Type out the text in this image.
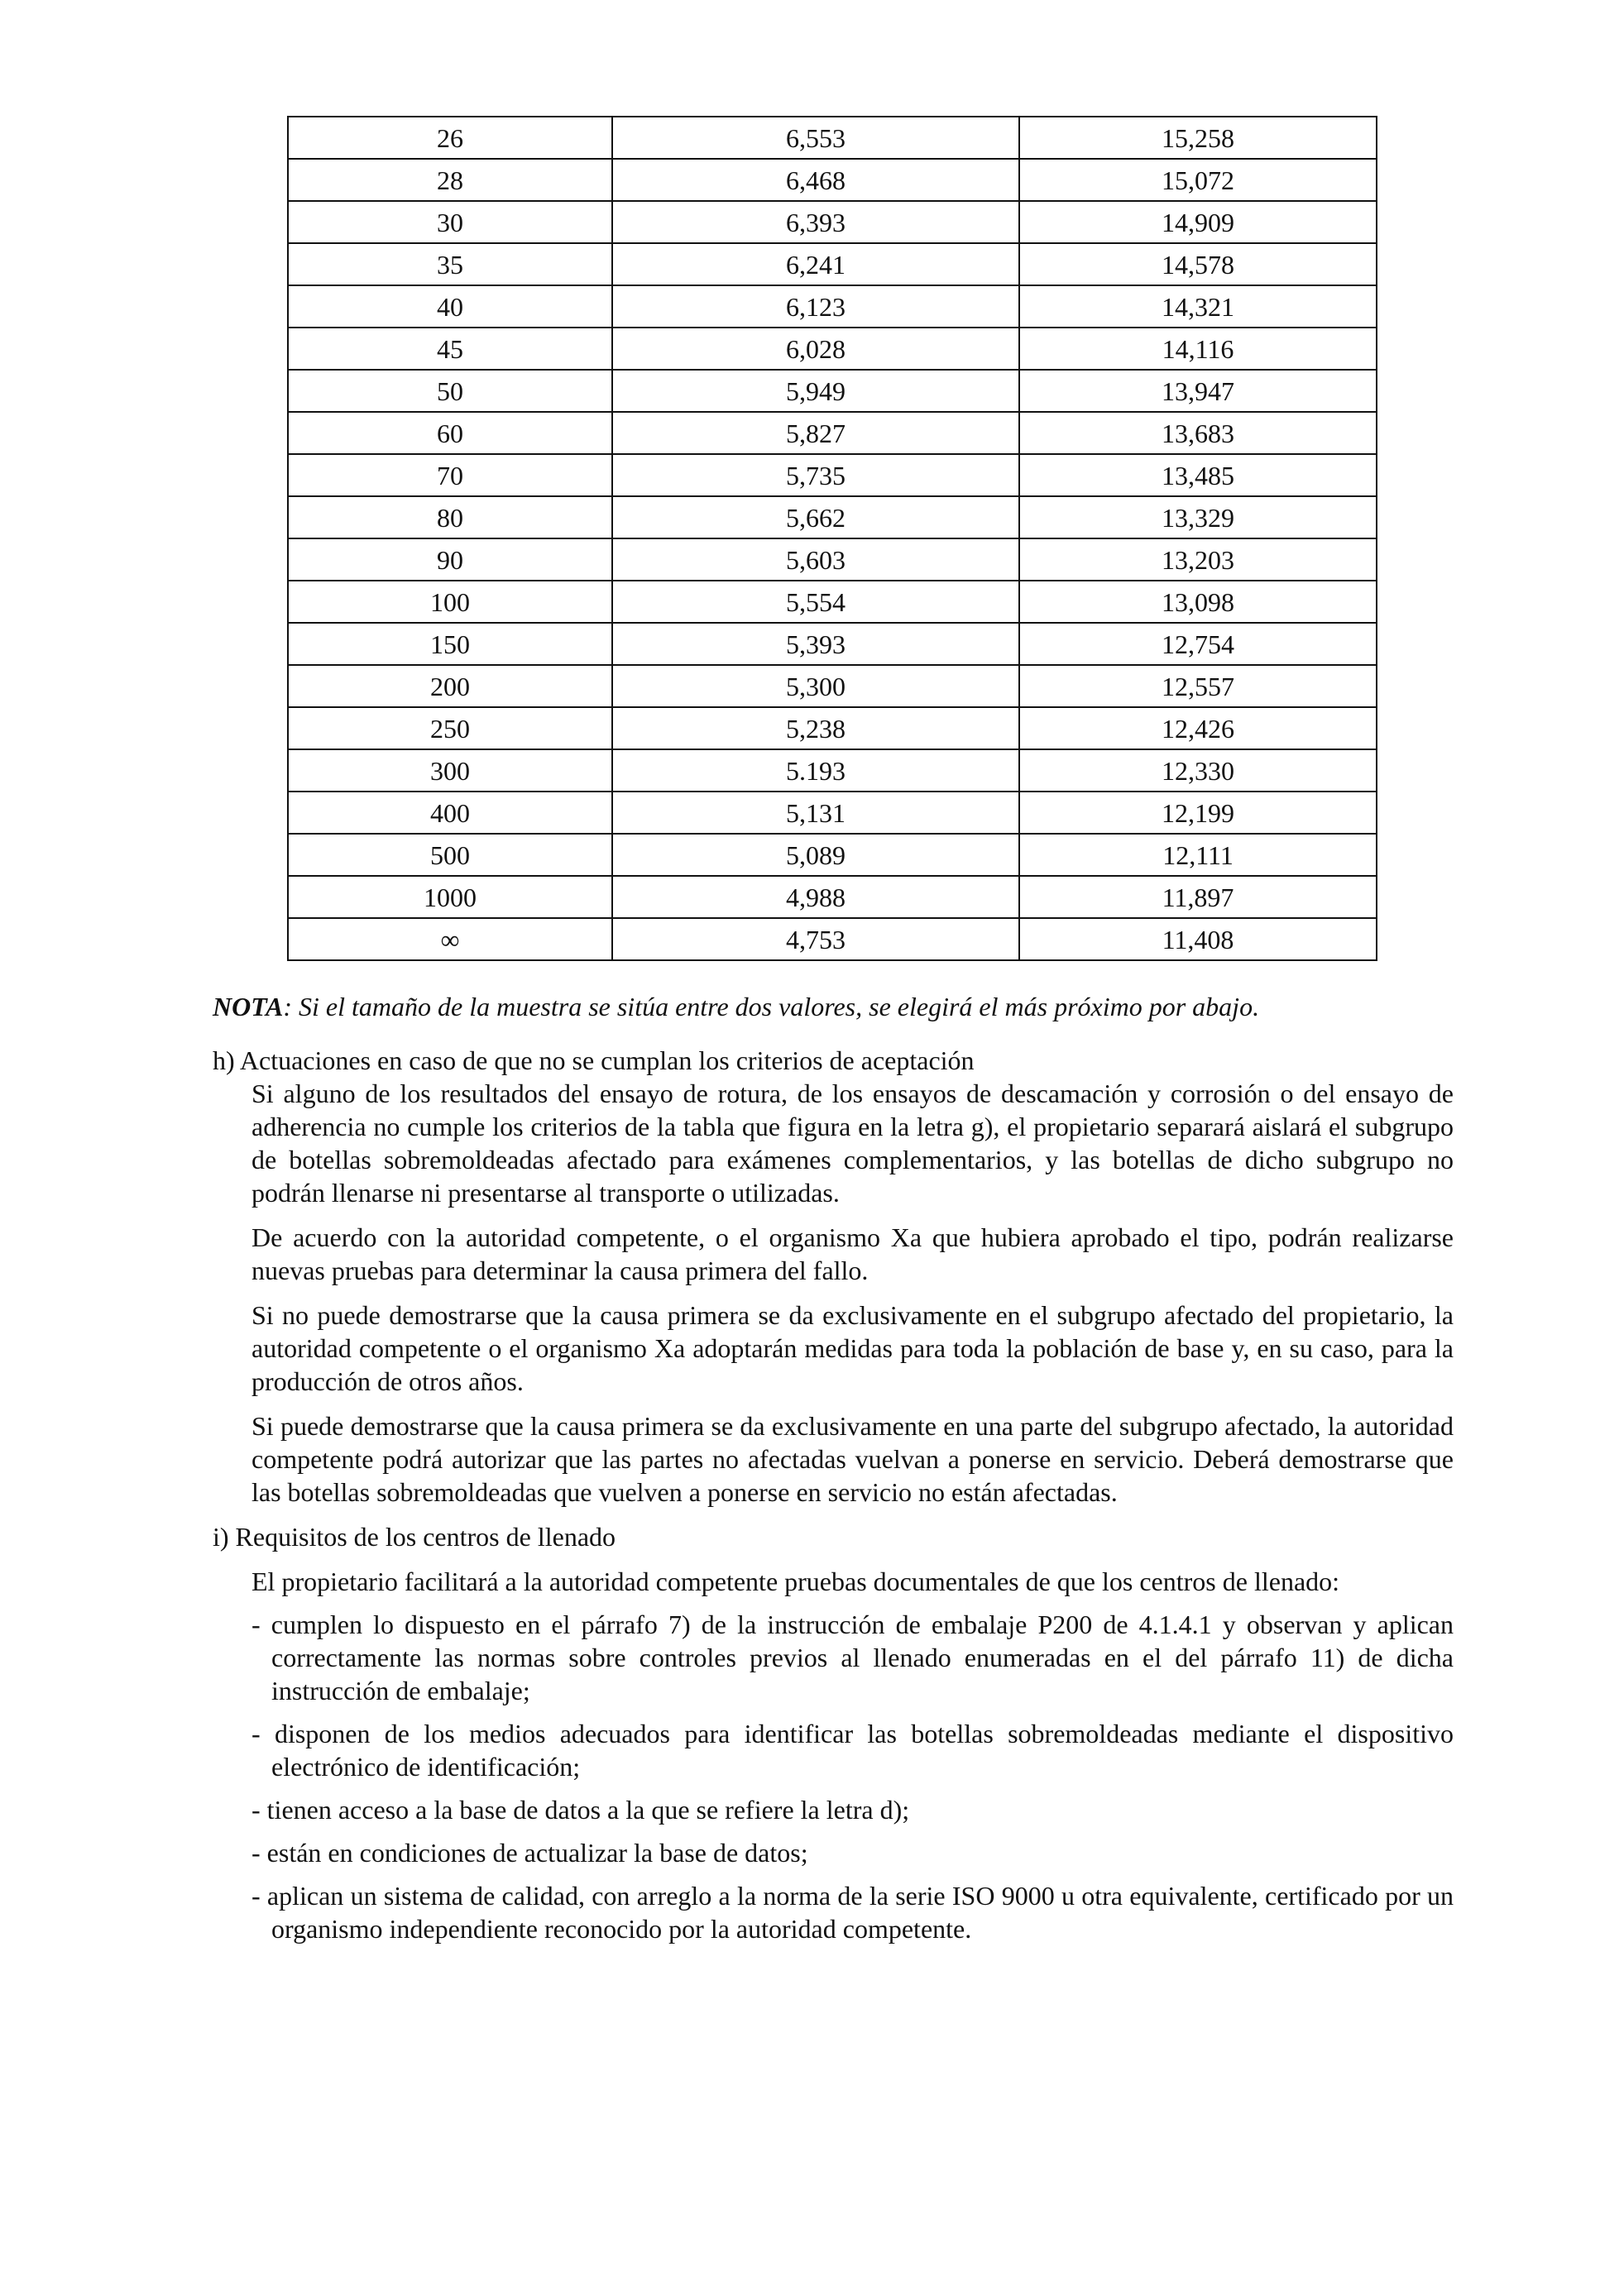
26	6,553	15,258
28	6,468	15,072
30	6,393	14,909
35	6,241	14,578
40	6,123	14,321
45	6,028	14,116
50	5,949	13,947
60	5,827	13,683
70	5,735	13,485
80	5,662	13,329
90	5,603	13,203
100	5,554	13,098
150	5,393	12,754
200	5,300	12,557
250	5,238	12,426
300	5.193	12,330
400	5,131	12,199
500	5,089	12,111
1000	4,988	11,897
∞	4,753	11,408
NOTA: Si el tamaño de la muestra se sitúa entre dos valores, se elegirá el más próximo por abajo.

h) Actuaciones en caso de que no se cumplan los criterios de aceptación

Si alguno de los resultados del ensayo de rotura, de los ensayos de descamación y corrosión o del ensayo de adherencia no cumple los criterios de la tabla que figura en la letra g), el propietario separará aislará el subgrupo de botellas sobremoldeadas afectado para exámenes complementarios, y las botellas de dicho subgrupo no podrán llenarse ni presentarse al transporte o utilizadas.

De acuerdo con la autoridad competente, o el organismo Xa que hubiera aprobado el tipo, podrán realizarse nuevas pruebas para determinar la causa primera del fallo.

Si no puede demostrarse que la causa primera se da exclusivamente en el subgrupo afectado del propietario, la autoridad competente o el organismo Xa adoptarán medidas para toda la población de base y, en su caso, para la producción de otros años.

Si puede demostrarse que la causa primera se da exclusivamente en una parte del subgrupo afectado, la autoridad competente podrá autorizar que las partes no afectadas vuelvan a ponerse en servicio. Deberá demostrarse que las botellas sobremoldeadas que vuelven a ponerse en servicio no están afectadas.

i) Requisitos de los centros de llenado

El propietario facilitará a la autoridad competente pruebas documentales de que los centros de llenado:

- cumplen lo dispuesto en el párrafo 7) de la instrucción de embalaje P200 de 4.1.4.1 y observan y aplican correctamente las normas sobre controles previos al llenado enumeradas en el del párrafo 11) de dicha instrucción de embalaje;

- disponen de los medios adecuados para identificar las botellas sobremoldeadas mediante el dispositivo electrónico de identificación;

- tienen acceso a la base de datos a la que se refiere la letra d);

- están en condiciones de actualizar la base de datos;

- aplican un sistema de calidad, con arreglo a la norma de la serie ISO 9000 u otra equivalente, certificado por un organismo independiente reconocido por la autoridad competente.
